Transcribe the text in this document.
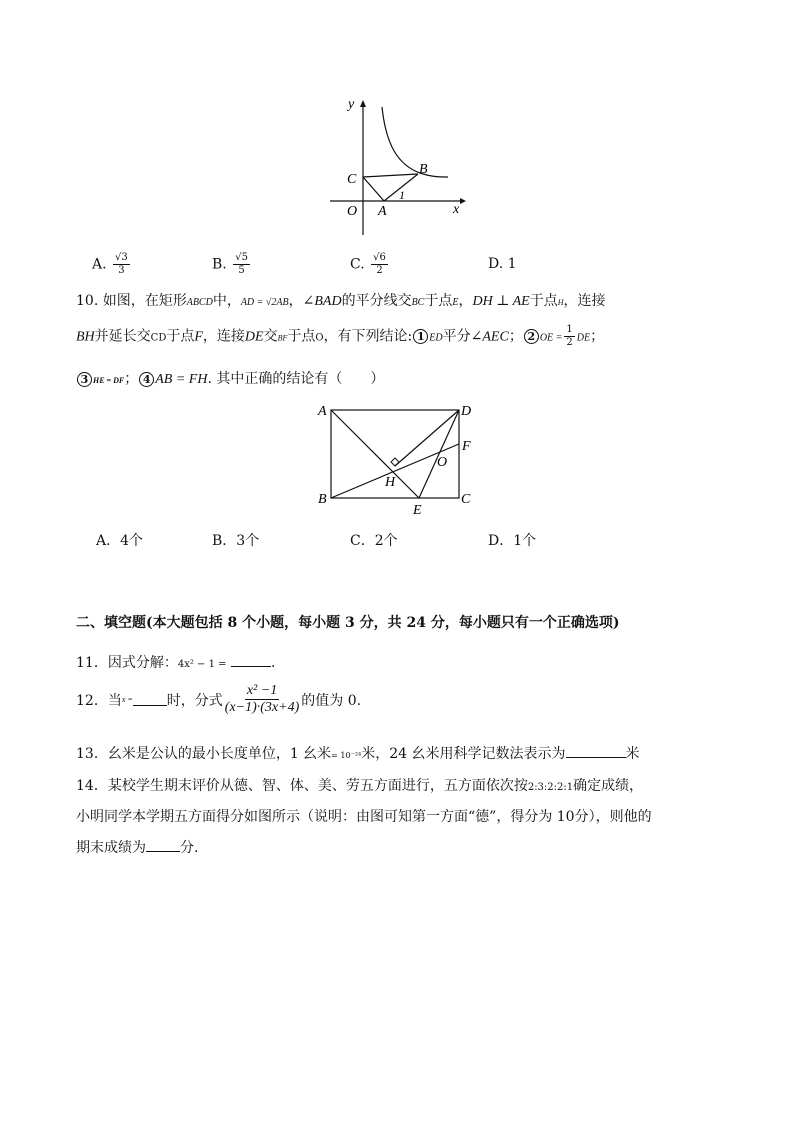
y
x
C
B
O A
1
A. $\frac{√3}{3}$	B. $\frac{√5}{5}$	C. $\frac{√6}{2}$	D. 1
10. 如图，在矩形ABCD中，AD = √2AB，∠BAD的平分线交BC于点E，DH ⊥ AE于点H，连接
BH并延长交CD于点F，连接DE交BF于点O，有下列结论: 1 ED平分∠AEC； 2 OE = $\frac{1}{2}$ DE；
3 HE = DF； 4 AB = FH. 其中正确的结论有（　　）
A	D
F
O
H
B
E
C
A．4个	B．3个	C．2个	D．1个
二、填空题(本大题包括 8 个小题，每小题 3 分，共 24 分，每小题只有一个正确选项)
11．因式分解：4x² − 1 =	.
12．当 x = 时，分式 $\frac{\text{x² −1}}{(x-1)\cdot(3x+4)}$ 的值为 0.
13．幺米是公认的最小长度单位，1 幺米= 10⁻²⁴米，24 幺米用科学记数法表示为	米
14．某校学生期末评价从德、智、体、美、劳五方面进行，五方面依次按2:3:2:2:1确定成绩，
小明同学本学期五方面得分如图所示（说明：由图可知第一方面“德”，得分为 10分），则他的
期末成绩为 分.
